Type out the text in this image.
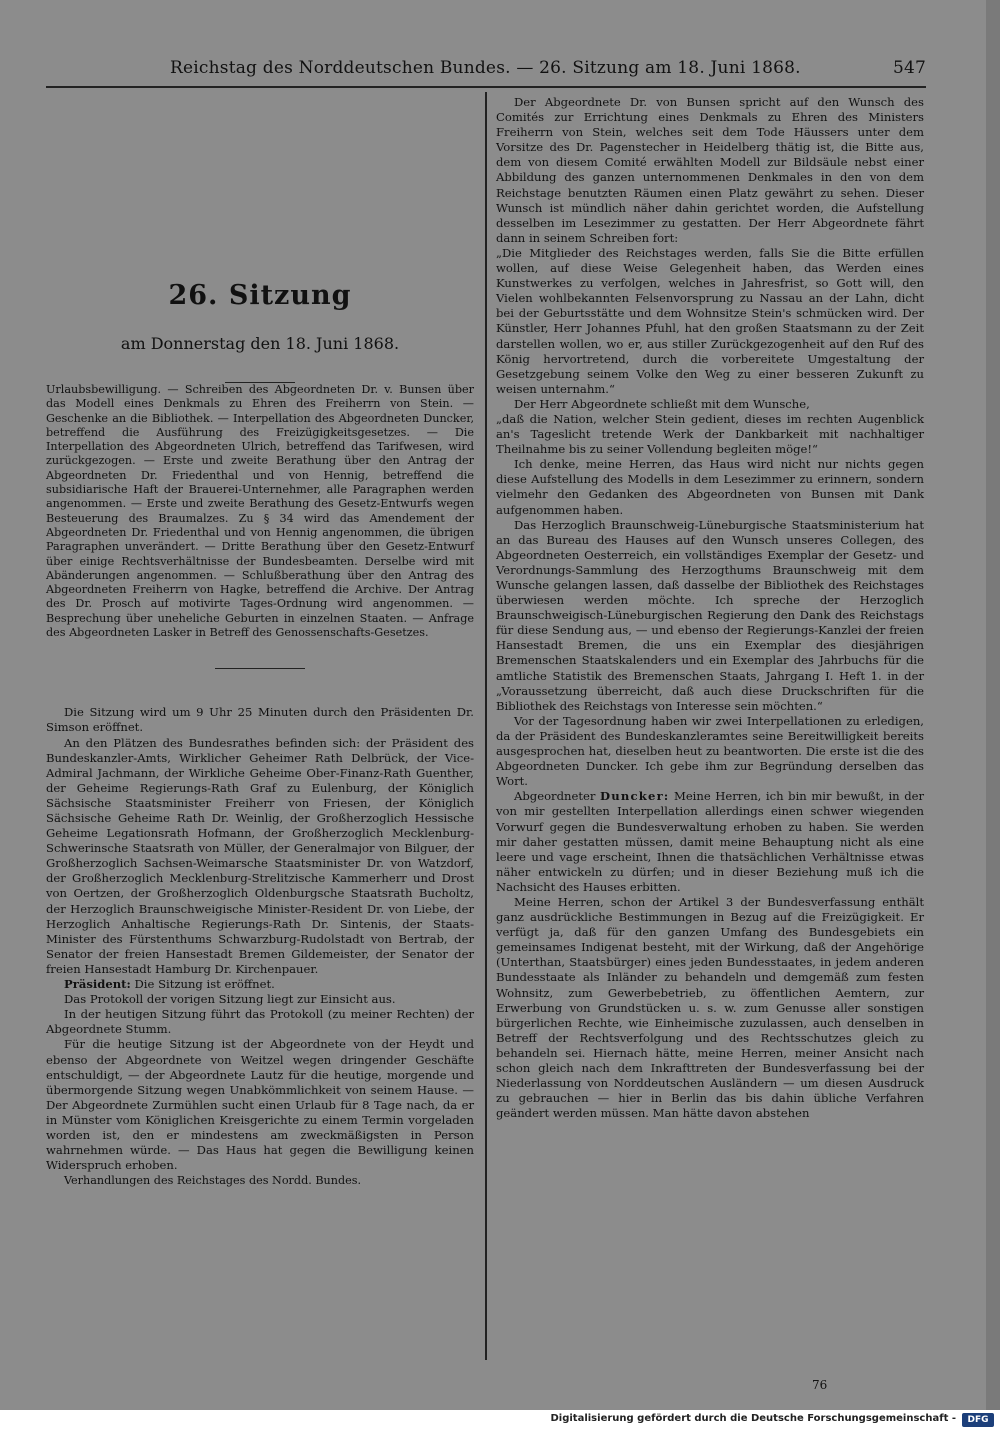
Reichstag des Norddeutschen Bundes. — 26. Sitzung am 18. Juni 1868.	547
26. Sitzung
am Donnerstag den 18. Juni 1868.

Urlaubsbewilligung. — Schreiben des Abgeordneten Dr. v. Bunsen über das Modell eines Denkmals zu Ehren des Freiherrn von Stein. — Geschenke an die Bibliothek. — Interpellation des Abgeordneten Duncker, betreffend die Ausführung des Freizügigkeitsgesetzes. — Die Interpellation des Abgeordneten Ulrich, betreffend das Tarifwesen, wird zurückgezogen. — Erste und zweite Berathung über den Antrag der Abgeordneten Dr. Friedenthal und von Hennig, betreffend die subsidiarische Haft der Brauerei-Unternehmer, alle Paragraphen werden angenommen. — Erste und zweite Berathung des Gesetz-Entwurfs wegen Besteuerung des Braumalzes. Zu § 34 wird das Amendement der Abgeordneten Dr. Friedenthal und von Hennig angenommen, die übrigen Paragraphen unverändert. — Dritte Berathung über den Gesetz-Entwurf über einige Rechtsverhältnisse der Bundesbeamten. Derselbe wird mit Abänderungen angenommen. — Schlußberathung über den Antrag des Abgeordneten Freiherrn von Hagke, betreffend die Archive. Der Antrag des Dr. Prosch auf motivirte Tages-Ordnung wird angenommen. — Besprechung über uneheliche Geburten in einzelnen Staaten. — Anfrage des Abgeordneten Lasker in Betreff des Genossenschafts-Gesetzes.

Die Sitzung wird um 9 Uhr 25 Minuten durch den Präsidenten Dr. Simson eröffnet.

An den Plätzen des Bundesrathes befinden sich: der Präsident des Bundeskanzler-Amts, Wirklicher Geheimer Rath Delbrück, der Vice-Admiral Jachmann, der Wirkliche Geheime Ober-Finanz-Rath Guenther, der Geheime Regierungs-Rath Graf zu Eulenburg, der Königlich Sächsische Staatsminister Freiherr von Friesen, der Königlich Sächsische Geheime Rath Dr. Weinlig, der Großherzoglich Hessische Geheime Legationsrath Hofmann, der Großherzoglich Mecklenburg-Schwerinsche Staatsrath von Müller, der Generalmajor von Bilguer, der Großherzoglich Sachsen-Weimarsche Staatsminister Dr. von Watzdorf, der Großherzoglich Mecklenburg-Strelitzische Kammerherr und Drost von Oertzen, der Großherzoglich Oldenburgsche Staatsrath Bucholtz, der Herzoglich Braunschweigische Minister-Resident Dr. von Liebe, der Herzoglich Anhaltische Regierungs-Rath Dr. Sintenis, der Staats-Minister des Fürstenthums Schwarzburg-Rudolstadt von Bertrab, der Senator der freien Hansestadt Bremen Gildemeister, der Senator der freien Hansestadt Hamburg Dr. Kirchenpauer.

Präsident: Die Sitzung ist eröffnet.

Das Protokoll der vorigen Sitzung liegt zur Einsicht aus.

In der heutigen Sitzung führt das Protokoll (zu meiner Rechten) der Abgeordnete Stumm.

Für die heutige Sitzung ist der Abgeordnete von der Heydt und ebenso der Abgeordnete von Weitzel wegen dringender Geschäfte entschuldigt, — der Abgeordnete Lautz für die heutige, morgende und übermorgende Sitzung wegen Unabkömmlichkeit von seinem Hause. — Der Abgeordnete Zurmühlen sucht einen Urlaub für 8 Tage nach, da er in Münster vom Königlichen Kreisgerichte zu einem Termin vorgeladen worden ist, den er mindestens am zweckmäßigsten in Person wahrnehmen würde. — Das Haus hat gegen die Bewilligung keinen Widerspruch erhoben.

Verhandlungen des Reichstages des Nordd. Bundes.

Der Abgeordnete Dr. von Bunsen spricht auf den Wunsch des Comités zur Errichtung eines Denkmals zu Ehren des Ministers Freiherrn von Stein, welches seit dem Tode Häussers unter dem Vorsitze des Dr. Pagenstecher in Heidelberg thätig ist, die Bitte aus, dem von diesem Comité erwählten Modell zur Bildsäule nebst einer Abbildung des ganzen unternommenen Denkmales in den von dem Reichstage benutzten Räumen einen Platz gewährt zu sehen. Dieser Wunsch ist mündlich näher dahin gerichtet worden, die Aufstellung desselben im Lesezimmer zu gestatten. Der Herr Abgeordnete fährt dann in seinem Schreiben fort:

„Die Mitglieder des Reichstages werden, falls Sie die Bitte erfüllen wollen, auf diese Weise Gelegenheit haben, das Werden eines Kunstwerkes zu verfolgen, welches in Jahresfrist, so Gott will, den Vielen wohlbekannten Felsenvorsprung zu Nassau an der Lahn, dicht bei der Geburtsstätte und dem Wohnsitze Stein's schmücken wird. Der Künstler, Herr Johannes Pfuhl, hat den großen Staatsmann zu der Zeit darstellen wollen, wo er, aus stiller Zurückgezogenheit auf den Ruf des König hervortretend, durch die vorbereitete Umgestaltung der Gesetzgebung seinem Volke den Weg zu einer besseren Zukunft zu weisen unternahm.“

Der Herr Abgeordnete schließt mit dem Wunsche,

„daß die Nation, welcher Stein gedient, dieses im rechten Augenblick an's Tageslicht tretende Werk der Dankbarkeit mit nachhaltiger Theilnahme bis zu seiner Vollendung begleiten möge!“

Ich denke, meine Herren, das Haus wird nicht nur nichts gegen diese Aufstellung des Modells in dem Lesezimmer zu erinnern, sondern vielmehr den Gedanken des Abgeordneten von Bunsen mit Dank aufgenommen haben.

Das Herzoglich Braunschweig-Lüneburgische Staatsministerium hat an das Bureau des Hauses auf den Wunsch unseres Collegen, des Abgeordneten Oesterreich, ein vollständiges Exemplar der Gesetz- und Verordnungs-Sammlung des Herzogthums Braunschweig mit dem Wunsche gelangen lassen, daß dasselbe der Bibliothek des Reichstages überwiesen werden möchte. Ich spreche der Herzoglich Braunschweigisch-Lüneburgischen Regierung den Dank des Reichstags für diese Sendung aus, — und ebenso der Regierungs-Kanzlei der freien Hansestadt Bremen, die uns ein Exemplar des diesjährigen Bremenschen Staatskalenders und ein Exemplar des Jahrbuchs für die amtliche Statistik des Bremenschen Staats, Jahrgang I. Heft 1. in der „Voraussetzung überreicht, daß auch diese Druckschriften für die Bibliothek des Reichstags von Interesse sein möchten.“

Vor der Tagesordnung haben wir zwei Interpellationen zu erledigen, da der Präsident des Bundeskanzleramtes seine Bereitwilligkeit bereits ausgesprochen hat, dieselben heut zu beantworten. Die erste ist die des Abgeordneten Duncker. Ich gebe ihm zur Begründung derselben das Wort.

Abgeordneter Duncker: Meine Herren, ich bin mir bewußt, in der von mir gestellten Interpellation allerdings einen schwer wiegenden Vorwurf gegen die Bundesverwaltung erhoben zu haben. Sie werden mir daher gestatten müssen, damit meine Behauptung nicht als eine leere und vage erscheint, Ihnen die thatsächlichen Verhältnisse etwas näher entwickeln zu dürfen; und in dieser Beziehung muß ich die Nachsicht des Hauses erbitten.

Meine Herren, schon der Artikel 3 der Bundesverfassung enthält ganz ausdrückliche Bestimmungen in Bezug auf die Freizügigkeit. Er verfügt ja, daß für den ganzen Umfang des Bundesgebiets ein gemeinsames Indigenat besteht, mit der Wirkung, daß der Angehörige (Unterthan, Staatsbürger) eines jeden Bundesstaates, in jedem anderen Bundesstaate als Inländer zu behandeln und demgemäß zum festen Wohnsitz, zum Gewerbebetrieb, zu öffentlichen Aemtern, zur Erwerbung von Grundstücken u. s. w. zum Genusse aller sonstigen bürgerlichen Rechte, wie Einheimische zuzulassen, auch denselben in Betreff der Rechtsverfolgung und des Rechtsschutzes gleich zu behandeln sei. Hiernach hätte, meine Herren, meiner Ansicht nach schon gleich nach dem Inkrafttreten der Bundesverfassung bei der Niederlassung von Norddeutschen Ausländern — um diesen Ausdruck zu gebrauchen — hier in Berlin das bis dahin übliche Verfahren geändert werden müssen. Man hätte davon abstehen

76
Digitalisierung gefördert durch die Deutsche Forschungsgemeinschaft -	DFG
